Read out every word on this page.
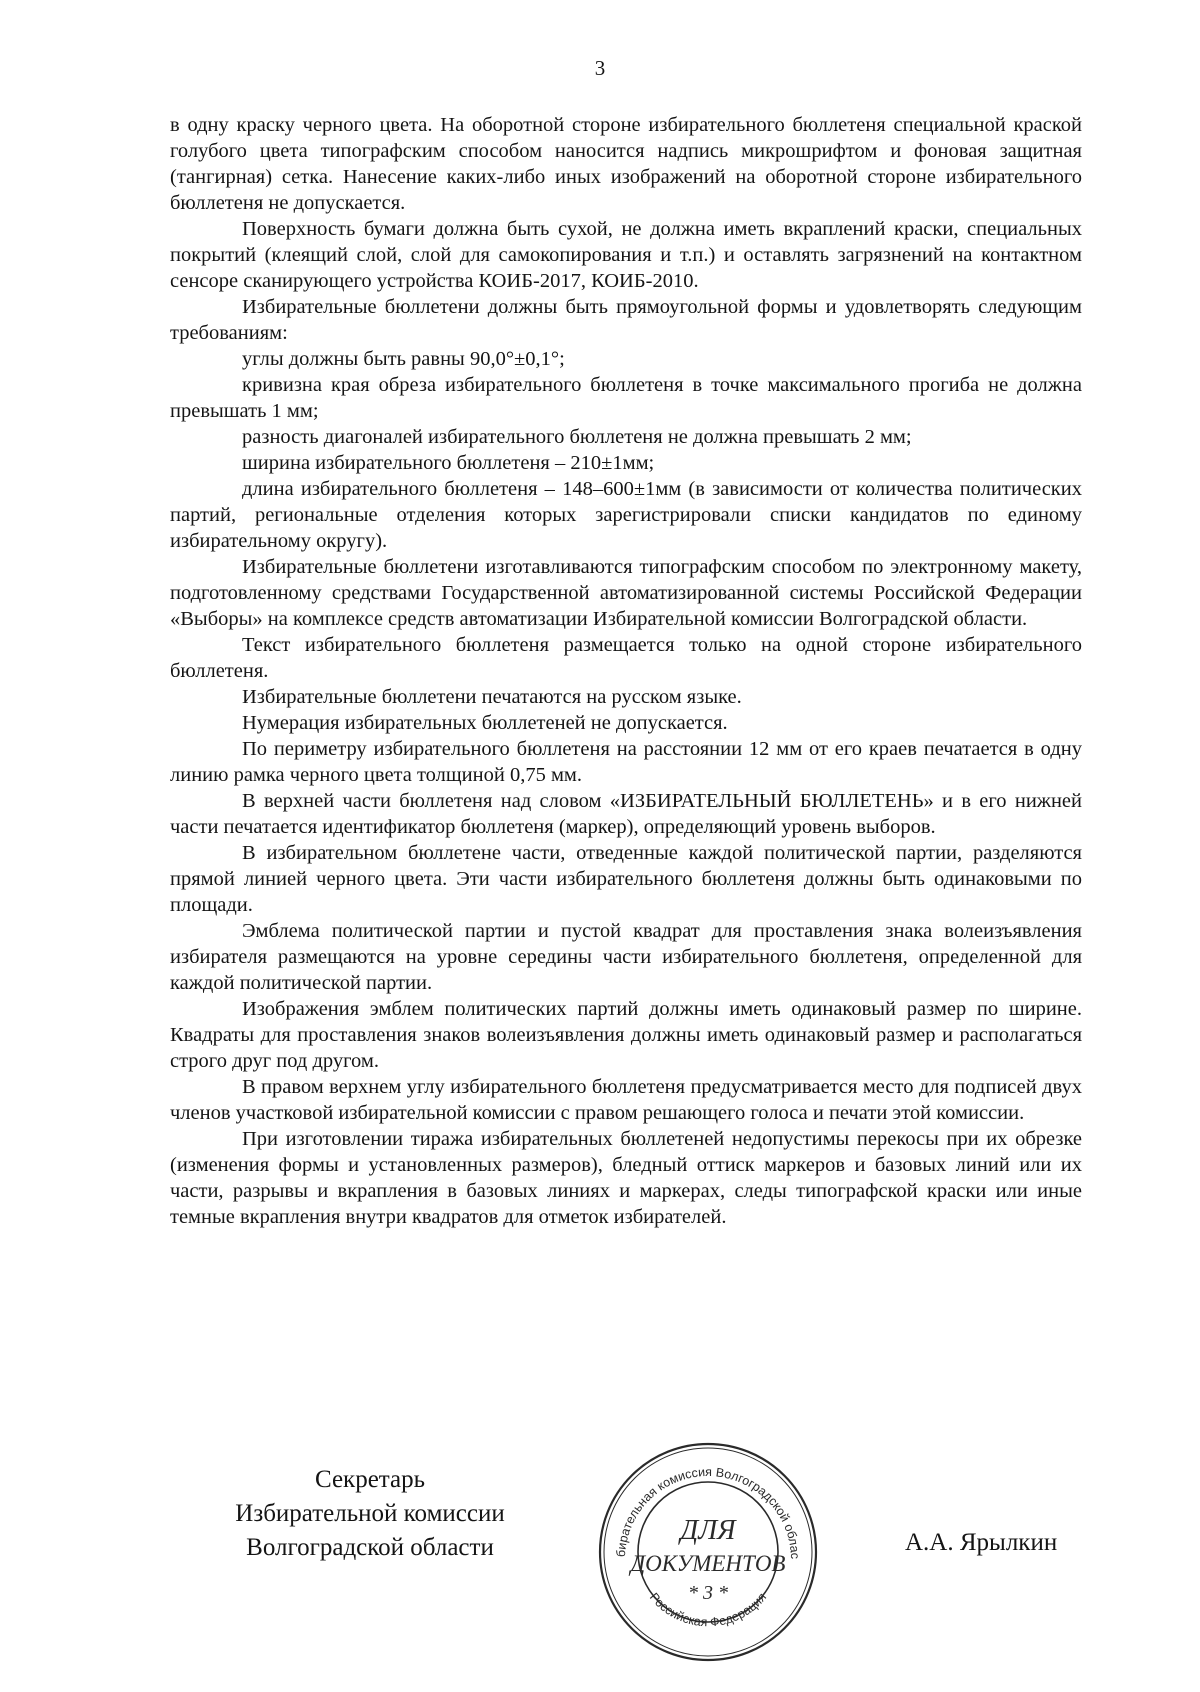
3

в одну краску черного цвета. На оборотной стороне избирательного бюллетеня специальной краской голубого цвета типографским способом наносится надпись микрошрифтом и фоновая защитная (тангирная) сетка. Нанесение каких-либо иных изображений на оборотной стороне избирательного бюллетеня не допускается.

Поверхность бумаги должна быть сухой, не должна иметь вкраплений краски, специальных покрытий (клеящий слой, слой для самокопирования и т.п.) и оставлять загрязнений на контактном сенсоре сканирующего устройства КОИБ-2017, КОИБ-2010.

Избирательные бюллетени должны быть прямоугольной формы и удовлетворять следующим требованиям:

углы должны быть равны 90,0°±0,1°;

кривизна края обреза избирательного бюллетеня в точке максимального прогиба не должна превышать 1 мм;

разность диагоналей избирательного бюллетеня не должна превышать 2 мм;

ширина избирательного бюллетеня – 210±1мм;

длина избирательного бюллетеня – 148–600±1мм (в зависимости от количества политических партий, региональные отделения которых зарегистрировали списки кандидатов по единому избирательному округу).

Избирательные бюллетени изготавливаются типографским способом по электронному макету, подготовленному средствами Государственной автоматизированной системы Российской Федерации «Выборы» на комплексе средств автоматизации Избирательной комиссии Волгоградской области.

Текст избирательного бюллетеня размещается только на одной стороне избирательного бюллетеня.

Избирательные бюллетени печатаются на русском языке.

Нумерация избирательных бюллетеней не допускается.

По периметру избирательного бюллетеня на расстоянии 12 мм от его краев печатается в одну линию рамка черного цвета толщиной 0,75 мм.

В верхней части бюллетеня над словом «ИЗБИРАТЕЛЬНЫЙ БЮЛЛЕТЕНЬ» и в его нижней части печатается идентификатор бюллетеня (маркер), определяющий уровень выборов.

В избирательном бюллетене части, отведенные каждой политической партии, разделяются прямой линией черного цвета. Эти части избирательного бюллетеня должны быть одинаковыми по площади.

Эмблема политической партии и пустой квадрат для проставления знака волеизъявления избирателя размещаются на уровне середины части избирательного бюллетеня, определенной для каждой политической партии.

Изображения эмблем политических партий должны иметь одинаковый размер по ширине. Квадраты для проставления знаков волеизъявления должны иметь одинаковый размер и располагаться строго друг под другом.

В правом верхнем углу избирательного бюллетеня предусматривается место для подписей двух членов участковой избирательной комиссии с правом решающего голоса и печати этой комиссии.

При изготовлении тиража избирательных бюллетеней недопустимы перекосы при их обрезке (изменения формы и установленных размеров), бледный оттиск маркеров и базовых линий или их части, разрывы и вкрапления в базовых линиях и маркерах, следы типографской краски или иные темные вкрапления внутри квадратов для отметок избирателей.

Секретарь
Избирательной комиссии
Волгоградской области	бирательная комиссия Волгоградской облас
Российская Федерация
ДЛЯ
ДОКУМЕНТОВ
* 3 *
А.А. Ярылкин
